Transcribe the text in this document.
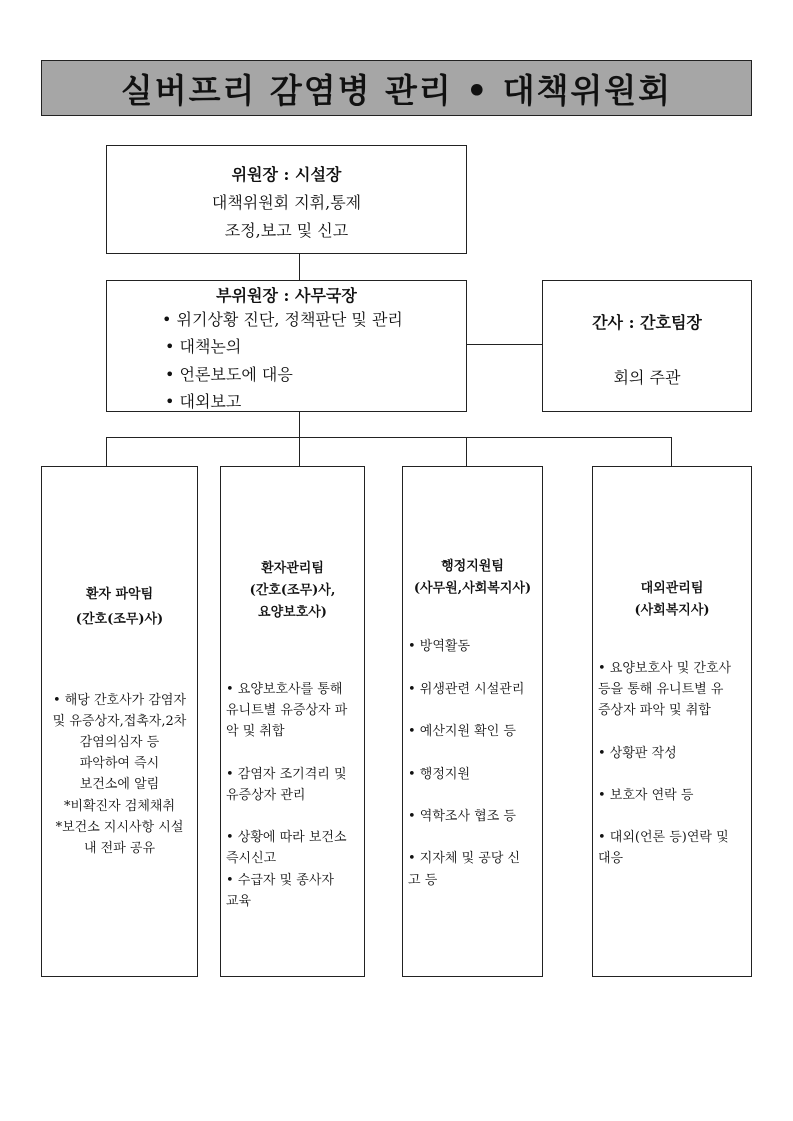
실버프리 감염병 관리 • 대책위원회
위원장 : 시설장
대책위원회 지휘,통제
조정,보고 및 신고
부위원장 : 사무국장
• 위기상황 진단, 정책판단 및 관리
• 대책논의
• 언론보도에 대응
• 대외보고
간사 : 간호팀장
회의 주관
환자 파악팀
(간호(조무)사)
• 해당 간호사가 감염자
및 유증상자,접촉자,2차
감염의심자 등
파악하여 즉시
보건소에 알림
*비확진자 검체채취
*보건소 지시사항 시설
내 전파 공유
환자관리팀
(간호(조무)사,
요양보호사)
• 요양보호사를 통해
유니트별 유증상자 파
악 및 취합
• 감염자 조기격리 및
유증상자 관리
• 상황에 따라 보건소
즉시신고
• 수급자 및 종사자
교육
행정지원팀
(사무원,사회복지사)
• 방역활동
• 위생관련 시설관리
• 예산지원 확인 등
• 행정지원
• 역학조사 협조 등
• 지자체 및 공당 신
고 등
대외관리팀
(사회복지사)
• 요양보호사 및 간호사
등을 통해 유니트별 유
증상자 파악 및 취합
• 상황판 작성
• 보호자 연락 등
• 대외(언론 등)연락 및
대응
